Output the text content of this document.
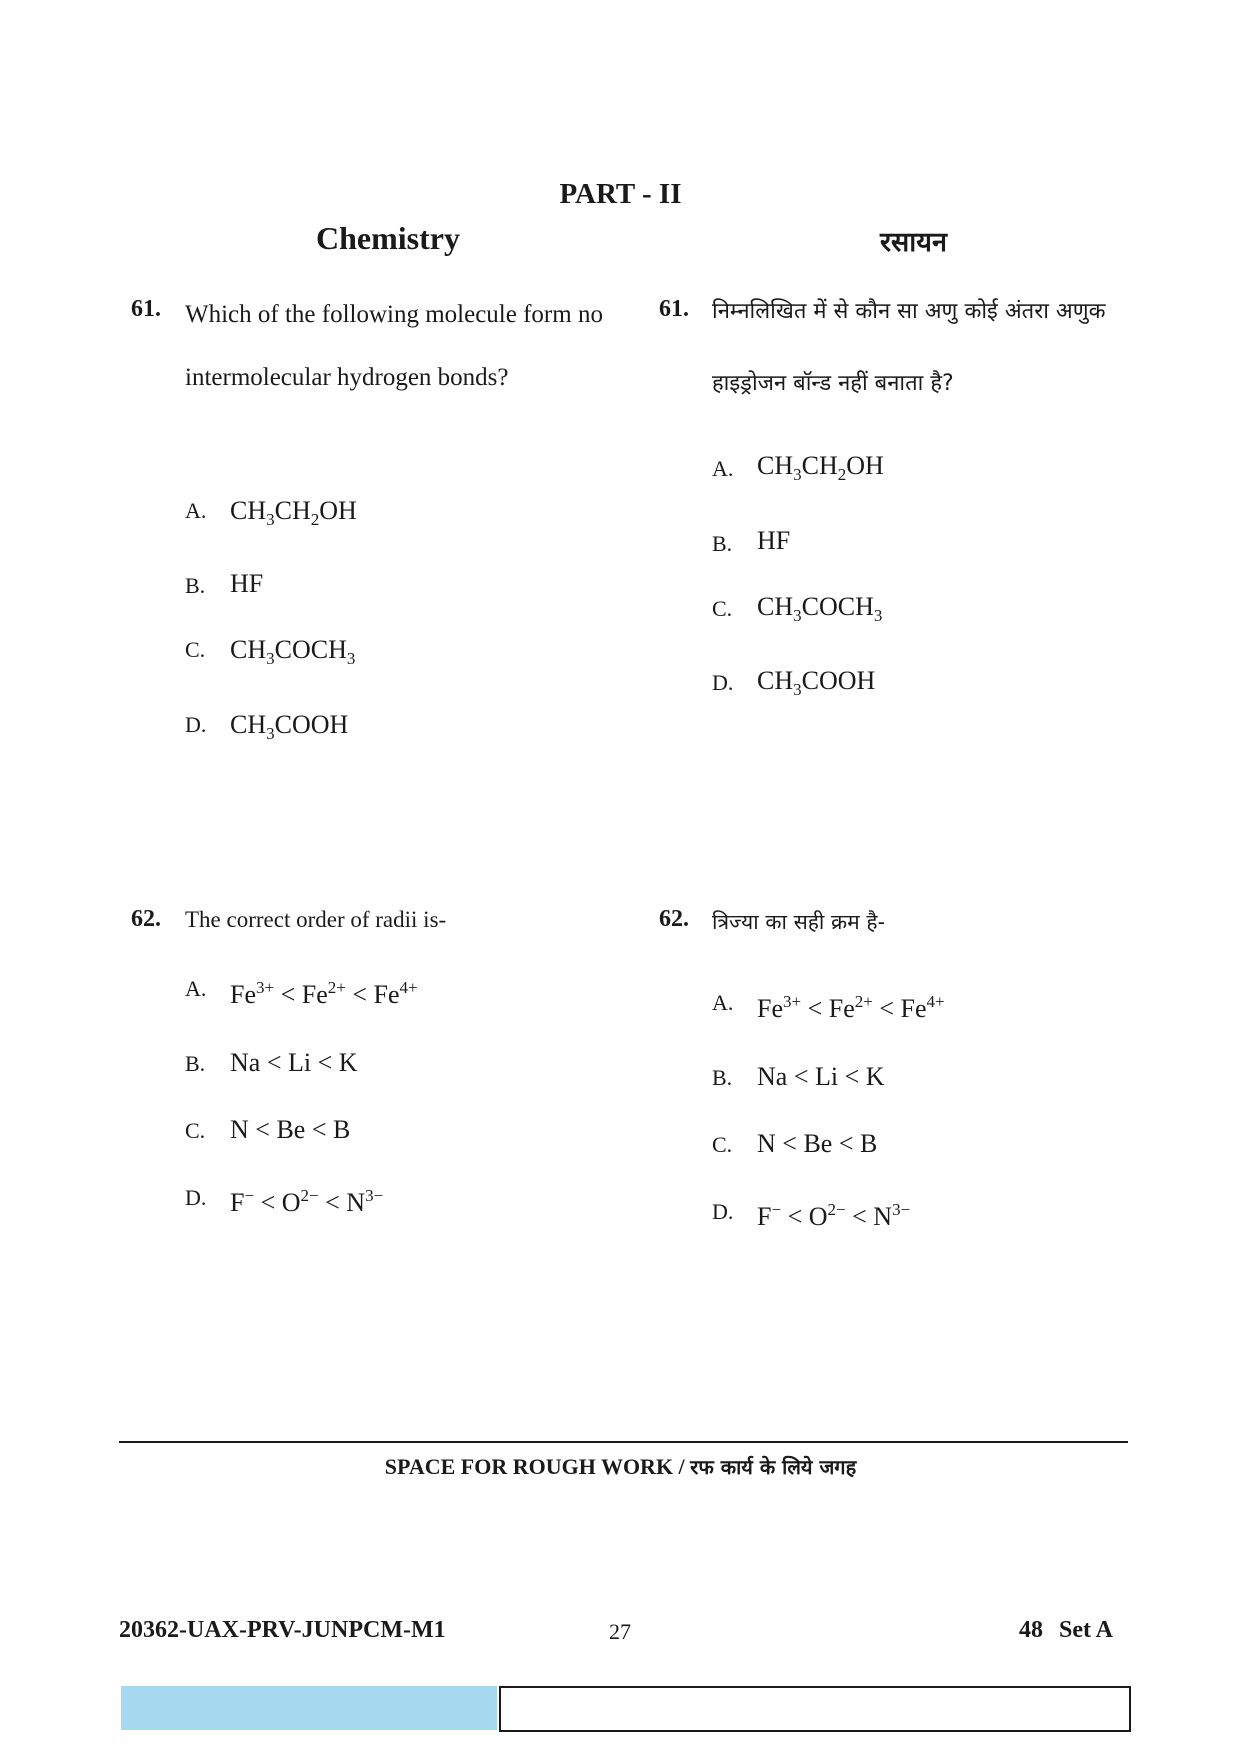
PART - II
Chemistry	रसायन
61. Which of the following molecule form no intermolecular hydrogen bonds?
A. $CH_3CH_2OH$
B. HF
C. $CH_3COCH_3$
D. $CH_3COOH$
61. निम्नलिखित में से कौन सा अणु कोई अंतरा अणुक हाइड्रोजन बॉन्ड नहीं बनाता है?
A. $CH_3CH_2OH$
B. HF
C. $CH_3COCH_3$
D. $CH_3COOH$
62. The correct order of radii is-
A. $Fe^{3+} < Fe^{2+} < Fe^{4+}$
B. Na < Li < K
C. N < Be < B
D. $F^- < O^{2-} < N^{3-}$
62. त्रिज्या का सही क्रम है-
A. $Fe^{3+} < Fe^{2+} < Fe^{4+}$
B. Na < Li < K
C. N < Be < B
D. $F^- < O^{2-} < N^{3-}$
SPACE FOR ROUGH WORK / रफ कार्य के लिये जगह
20362-UAX-PRV-JUNPCM-M1	27	48 Set A
